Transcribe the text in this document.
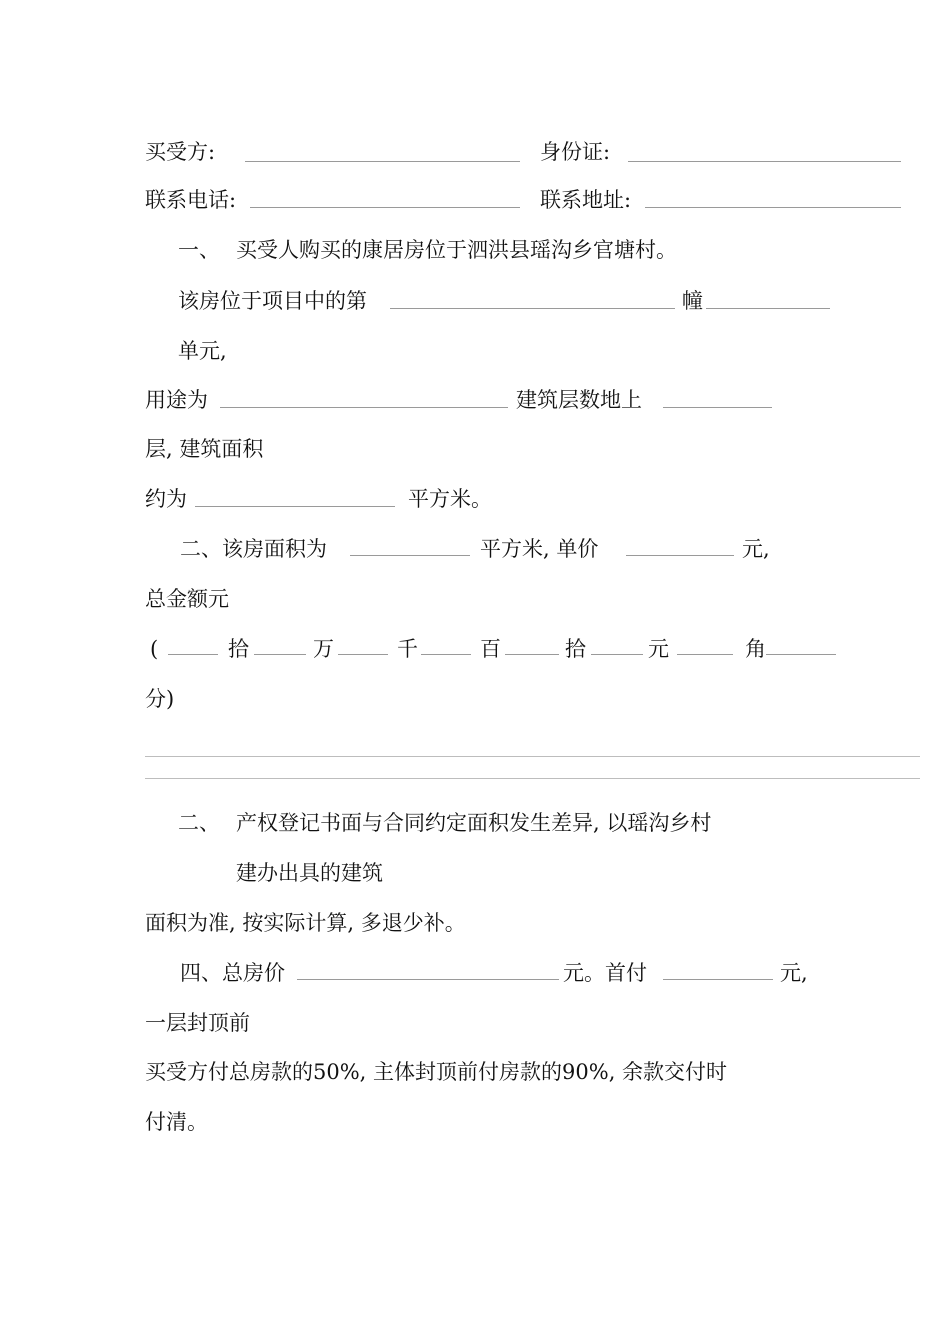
买受方:	身份证:
联系电话:	联系地址:
一、 买受人购买的康居房位于泗洪县瑶沟乡官塘村。
该房位于项目中的第	幢
单元,
用途为	建筑层数地上
层, 建筑面积
约为	平方米。
二、该房面积为	平方米, 单价	元,
总金额元
(	拾	万	千	百	拾	元	角
分)
二、 产权登记书面与合同约定面积发生差异, 以瑶沟乡村
建办出具的建筑
面积为准, 按实际计算, 多退少补。
四、总房价	元。首付	元,
一层封顶前
买受方付总房款的50%, 主体封顶前付房款的90%, 余款交付时
付清。
